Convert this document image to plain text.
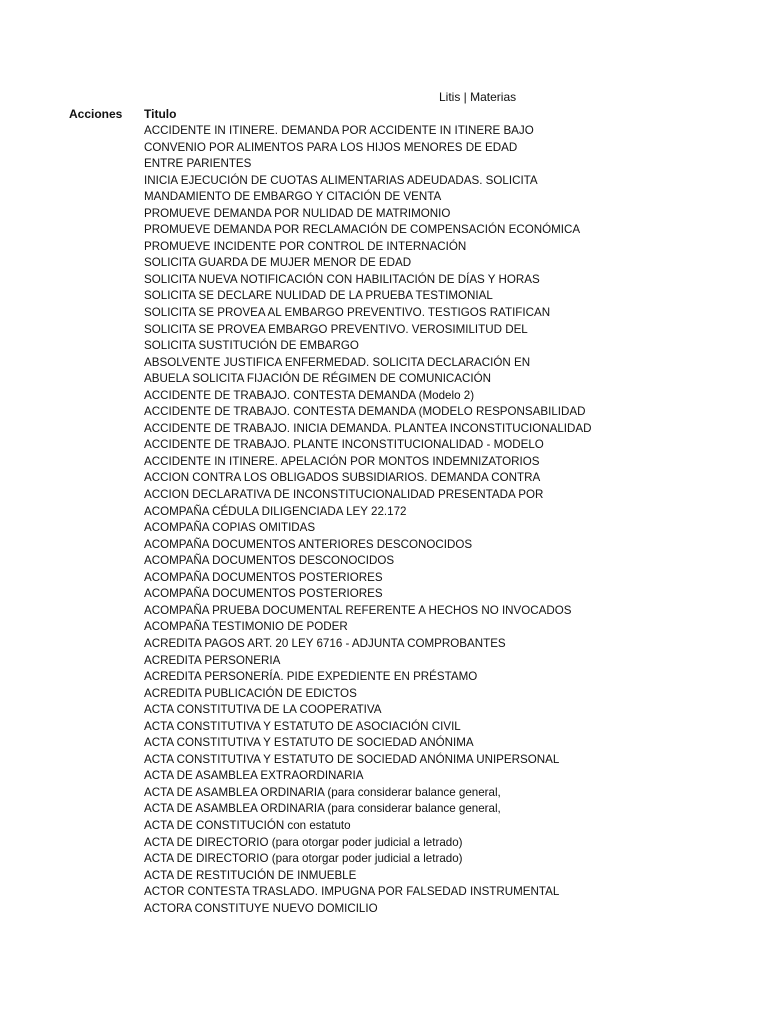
Litis | Materias
Acciones Titulo
ACCIDENTE IN ITINERE. DEMANDA POR ACCIDENTE IN ITINERE BAJO
CONVENIO POR ALIMENTOS PARA LOS HIJOS MENORES DE EDAD
ENTRE PARIENTES
INICIA EJECUCIÓN DE CUOTAS ALIMENTARIAS ADEUDADAS. SOLICITA
MANDAMIENTO DE EMBARGO Y CITACIÓN DE VENTA
PROMUEVE DEMANDA POR NULIDAD DE MATRIMONIO
PROMUEVE DEMANDA POR RECLAMACIÓN DE COMPENSACIÓN ECONÓMICA
PROMUEVE INCIDENTE POR CONTROL DE INTERNACIÓN
SOLICITA GUARDA DE MUJER MENOR DE EDAD
SOLICITA NUEVA NOTIFICACIÓN CON HABILITACIÓN DE DÍAS Y HORAS
SOLICITA SE DECLARE NULIDAD DE LA PRUEBA TESTIMONIAL
SOLICITA SE PROVEA AL EMBARGO PREVENTIVO. TESTIGOS RATIFICAN
SOLICITA SE PROVEA EMBARGO PREVENTIVO. VEROSIMILITUD DEL
SOLICITA SUSTITUCIÓN DE EMBARGO
ABSOLVENTE JUSTIFICA ENFERMEDAD. SOLICITA DECLARACIÓN EN
ABUELA SOLICITA FIJACIÓN DE RÉGIMEN DE COMUNICACIÓN
ACCIDENTE DE TRABAJO. CONTESTA DEMANDA (Modelo 2)
ACCIDENTE DE TRABAJO. CONTESTA DEMANDA (MODELO RESPONSABILIDAD
ACCIDENTE DE TRABAJO. INICIA DEMANDA. PLANTEA INCONSTITUCIONALIDAD
ACCIDENTE DE TRABAJO. PLANTE INCONSTITUCIONALIDAD - MODELO
ACCIDENTE IN ITINERE. APELACIÓN POR MONTOS INDEMNIZATORIOS
ACCION CONTRA LOS OBLIGADOS SUBSIDIARIOS. DEMANDA CONTRA
ACCION DECLARATIVA DE INCONSTITUCIONALIDAD PRESENTADA POR
ACOMPAÑA CÉDULA DILIGENCIADA LEY 22.172
ACOMPAÑA COPIAS OMITIDAS
ACOMPAÑA DOCUMENTOS ANTERIORES DESCONOCIDOS
ACOMPAÑA DOCUMENTOS DESCONOCIDOS
ACOMPAÑA DOCUMENTOS POSTERIORES
ACOMPAÑA DOCUMENTOS POSTERIORES
ACOMPAÑA PRUEBA DOCUMENTAL REFERENTE A HECHOS NO INVOCADOS
ACOMPAÑA TESTIMONIO DE PODER
ACREDITA PAGOS ART. 20 LEY 6716 - ADJUNTA COMPROBANTES
ACREDITA PERSONERIA
ACREDITA PERSONERÍA. PIDE EXPEDIENTE EN PRÉSTAMO
ACREDITA PUBLICACIÓN DE EDICTOS
ACTA CONSTITUTIVA DE LA COOPERATIVA
ACTA CONSTITUTIVA Y ESTATUTO DE ASOCIACIÓN CIVIL
ACTA CONSTITUTIVA Y ESTATUTO DE SOCIEDAD ANÓNIMA
ACTA CONSTITUTIVA Y ESTATUTO DE SOCIEDAD ANÓNIMA UNIPERSONAL
ACTA DE ASAMBLEA EXTRAORDINARIA
ACTA DE ASAMBLEA ORDINARIA (para considerar balance general,
ACTA DE ASAMBLEA ORDINARIA (para considerar balance general,
ACTA DE CONSTITUCIÓN con estatuto
ACTA DE DIRECTORIO (para otorgar poder judicial a letrado)
ACTA DE DIRECTORIO (para otorgar poder judicial a letrado)
ACTA DE RESTITUCIÓN DE INMUEBLE
ACTOR CONTESTA TRASLADO. IMPUGNA POR FALSEDAD INSTRUMENTAL
ACTORA CONSTITUYE NUEVO DOMICILIO
